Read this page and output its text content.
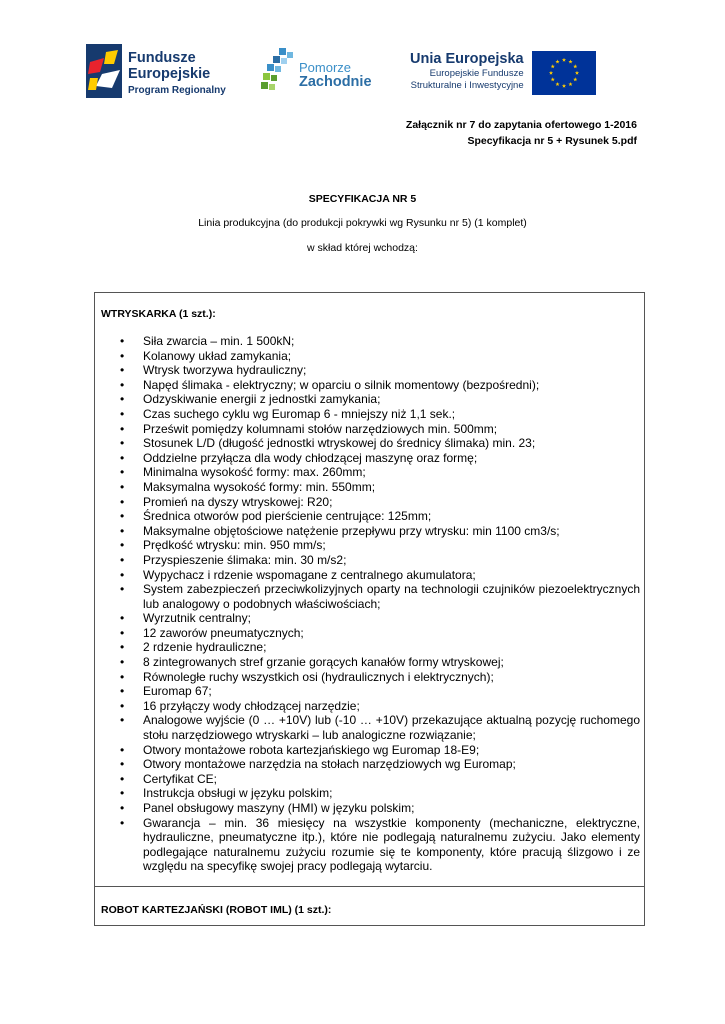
Fundusze
Europejskie
Program Regionalny
Pomorze
Zachodnie
Unia Europejska
Europejskie Fundusze
Strukturalne i Inwestycyjne
Załącznik nr 7 do zapytania ofertowego 1-2016
Specyfikacja nr 5 + Rysunek 5.pdf
SPECYFIKACJA NR 5
Linia produkcyjna (do produkcji pokrywki wg Rysunku nr 5) (1 komplet)
w skład której wchodzą:
WTRYSKARKA (1 szt.):
• Siła zwarcia – min. 1 500kN;
• Kolanowy układ zamykania;
• Wtrysk tworzywa hydrauliczny;
• Napęd ślimaka - elektryczny; w oparciu o silnik momentowy (bezpośredni);
• Odzyskiwanie energii z jednostki zamykania;
• Czas suchego cyklu wg Euromap 6 - mniejszy niż 1,1 sek.;
• Prześwit pomiędzy kolumnami stołów narzędziowych min. 500mm;
• Stosunek L/D (długość jednostki wtryskowej do średnicy ślimaka) min. 23;
• Oddzielne przyłącza dla wody chłodzącej maszynę oraz formę;
• Minimalna wysokość formy: max. 260mm;
• Maksymalna wysokość formy: min. 550mm;
• Promień na dyszy wtryskowej: R20;
• Średnica otworów pod pierścienie centrujące: 125mm;
• Maksymalne objętościowe natężenie przepływu przy wtrysku: min 1100 cm3/s;
• Prędkość wtrysku: min. 950 mm/s;
• Przyspieszenie ślimaka: min. 30 m/s2;
• Wypychacz i rdzenie wspomagane z centralnego akumulatora;
• System zabezpieczeń przeciwkolizyjnych oparty na technologii czujników piezoelektrycznych lub analogowy o podobnych właściwościach;
• Wyrzutnik centralny;
• 12 zaworów pneumatycznych;
• 2 rdzenie hydrauliczne;
• 8 zintegrowanych stref grzanie gorących kanałów formy wtryskowej;
• Równoległe ruchy wszystkich osi (hydraulicznych i elektrycznych);
• Euromap 67;
• 16 przyłączy wody chłodzącej narzędzie;
• Analogowe wyjście (0 … +10V) lub (-10 … +10V) przekazujące aktualną pozycję ruchomego stołu narzędziowego wtryskarki – lub analogiczne rozwiązanie;
• Otwory montażowe robota kartezjańskiego wg Euromap 18-E9;
• Otwory montażowe narzędzia na stołach narzędziowych wg Euromap;
• Certyfikat CE;
• Instrukcja obsługi w języku polskim;
• Panel obsługowy maszyny (HMI) w języku polskim;
• Gwarancja – min. 36 miesięcy na wszystkie komponenty (mechaniczne, elektryczne, hydrauliczne, pneumatyczne itp.), które nie podlegają naturalnemu zużyciu. Jako elementy podlegające naturalnemu zużyciu rozumie się te komponenty, które pracują ślizgowo i ze względu na specyfikę swojej pracy podlegają wytarciu.
ROBOT KARTEZJAŃSKI (ROBOT IML) (1 szt.):
